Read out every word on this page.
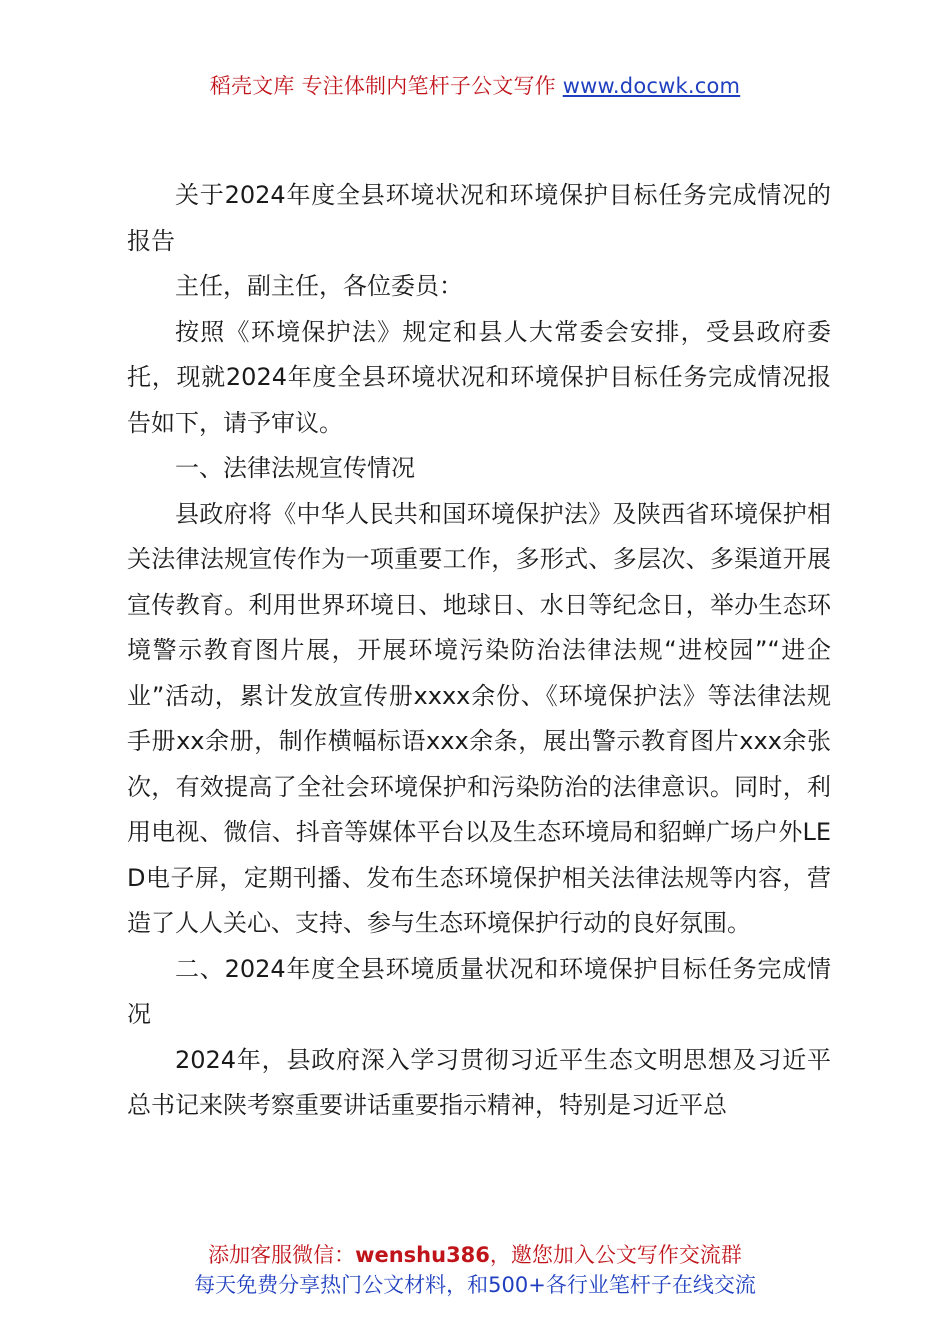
稻壳文库 专注体制内笔杆子公文写作 www.docwk.com

关于2024年度全县环境状况和环境保护目标任务完成情况的报告

主任，副主任，各位委员：

按照《环境保护法》规定和县人大常委会安排，受县政府委托，现就2024年度全县环境状况和环境保护目标任务完成情况报告如下，请予审议。

一、法律法规宣传情况

县政府将《中华人民共和国环境保护法》及陕西省环境保护相关法律法规宣传作为一项重要工作，多形式、多层次、多渠道开展宣传教育。利用世界环境日、地球日、水日等纪念日，举办生态环境警示教育图片展，开展环境污染防治法律法规“进校园”“进企业”活动，累计发放宣传册xxxx余份、《环境保护法》等法律法规手册xx余册，制作横幅标语xxx余条，展出警示教育图片xxx余张次，有效提高了全社会环境保护和污染防治的法律意识。同时，利用电视、微信、抖音等媒体平台以及生态环境局和貂蝉广场户外LED电子屏，定期刊播、发布生态环境保护相关法律法规等内容，营造了人人关心、支持、参与生态环境保护行动的良好氛围。

二、2024年度全县环境质量状况和环境保护目标任务完成情况

2024年，县政府深入学习贯彻习近平生态文明思想及习近平总书记来陕考察重要讲话重要指示精神，特别是习近平总

添加客服微信：wenshu386，邀您加入公文写作交流群
每天免费分享热门公文材料，和500+各行业笔杆子在线交流
